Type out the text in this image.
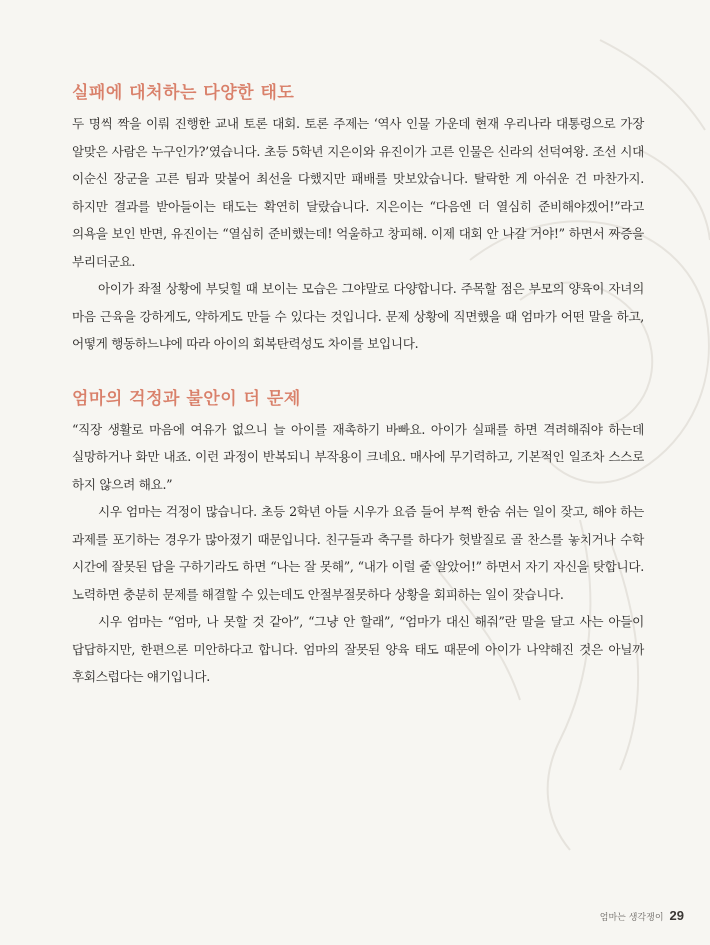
실패에 대처하는 다양한 태도

두 명씩 짝을 이뤄 진행한 교내 토론 대회. 토론 주제는 ‘역사 인물 가운데 현재 우리나라 대통령으로 가장 알맞은 사람은 누구인가?’였습니다. 초등 5학년 지은이와 유진이가 고른 인물은 신라의 선덕여왕. 조선 시대 이순신 장군을 고른 팀과 맞붙어 최선을 다했지만 패배를 맛보았습니다. 탈락한 게 아쉬운 건 마찬가지. 하지만 결과를 받아들이는 태도는 확연히 달랐습니다. 지은이는 “다음엔 더 열심히 준비해야겠어!”라고 의욕을 보인 반면, 유진이는 “열심히 준비했는데! 억울하고 창피해. 이제 대회 안 나갈 거야!” 하면서 짜증을 부리더군요.

아이가 좌절 상황에 부딪힐 때 보이는 모습은 그야말로 다양합니다. 주목할 점은 부모의 양육이 자녀의 마음 근육을 강하게도, 약하게도 만들 수 있다는 것입니다. 문제 상황에 직면했을 때 엄마가 어떤 말을 하고, 어떻게 행동하느냐에 따라 아이의 회복탄력성도 차이를 보입니다.

엄마의 걱정과 불안이 더 문제

“직장 생활로 마음에 여유가 없으니 늘 아이를 재촉하기 바빠요. 아이가 실패를 하면 격려해줘야 하는데 실망하거나 화만 내죠. 이런 과정이 반복되니 부작용이 크네요. 매사에 무기력하고, 기본적인 일조차 스스로 하지 않으려 해요.”

시우 엄마는 걱정이 많습니다. 초등 2학년 아들 시우가 요즘 들어 부쩍 한숨 쉬는 일이 잦고, 해야 하는 과제를 포기하는 경우가 많아졌기 때문입니다. 친구들과 축구를 하다가 헛발질로 골 찬스를 놓치거나 수학 시간에 잘못된 답을 구하기라도 하면 “나는 잘 못해”, “내가 이럴 줄 알았어!” 하면서 자기 자신을 탓합니다. 노력하면 충분히 문제를 해결할 수 있는데도 안절부절못하다 상황을 회피하는 일이 잦습니다.

시우 엄마는 “엄마, 나 못할 것 같아”, “그냥 안 할래”, “엄마가 대신 해줘”란 말을 달고 사는 아들이 답답하지만, 한편으론 미안하다고 합니다. 엄마의 잘못된 양육 태도 때문에 아이가 나약해진 것은 아닐까 후회스럽다는 얘기입니다.

엄마는 생각쟁이 29
